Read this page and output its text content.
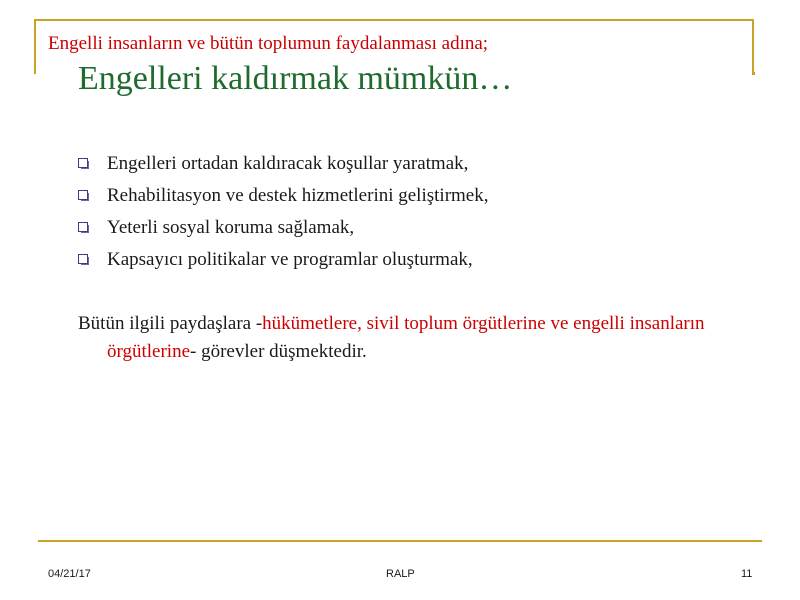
Engelli insanların ve bütün toplumun faydalanması adına;
Engelleri kaldırmak mümkün…
Engelleri ortadan kaldıracak koşullar yaratmak,
Rehabilitasyon ve destek hizmetlerini geliştirmek,
Yeterli sosyal koruma sağlamak,
Kapsayıcı politikalar ve programlar oluşturmak,
Bütün ilgili paydaşlara -hükümetlere, sivil toplum örgütlerine ve engelli insanların örgütlerine- görevler düşmektedir.
04/21/17	RALP	11
